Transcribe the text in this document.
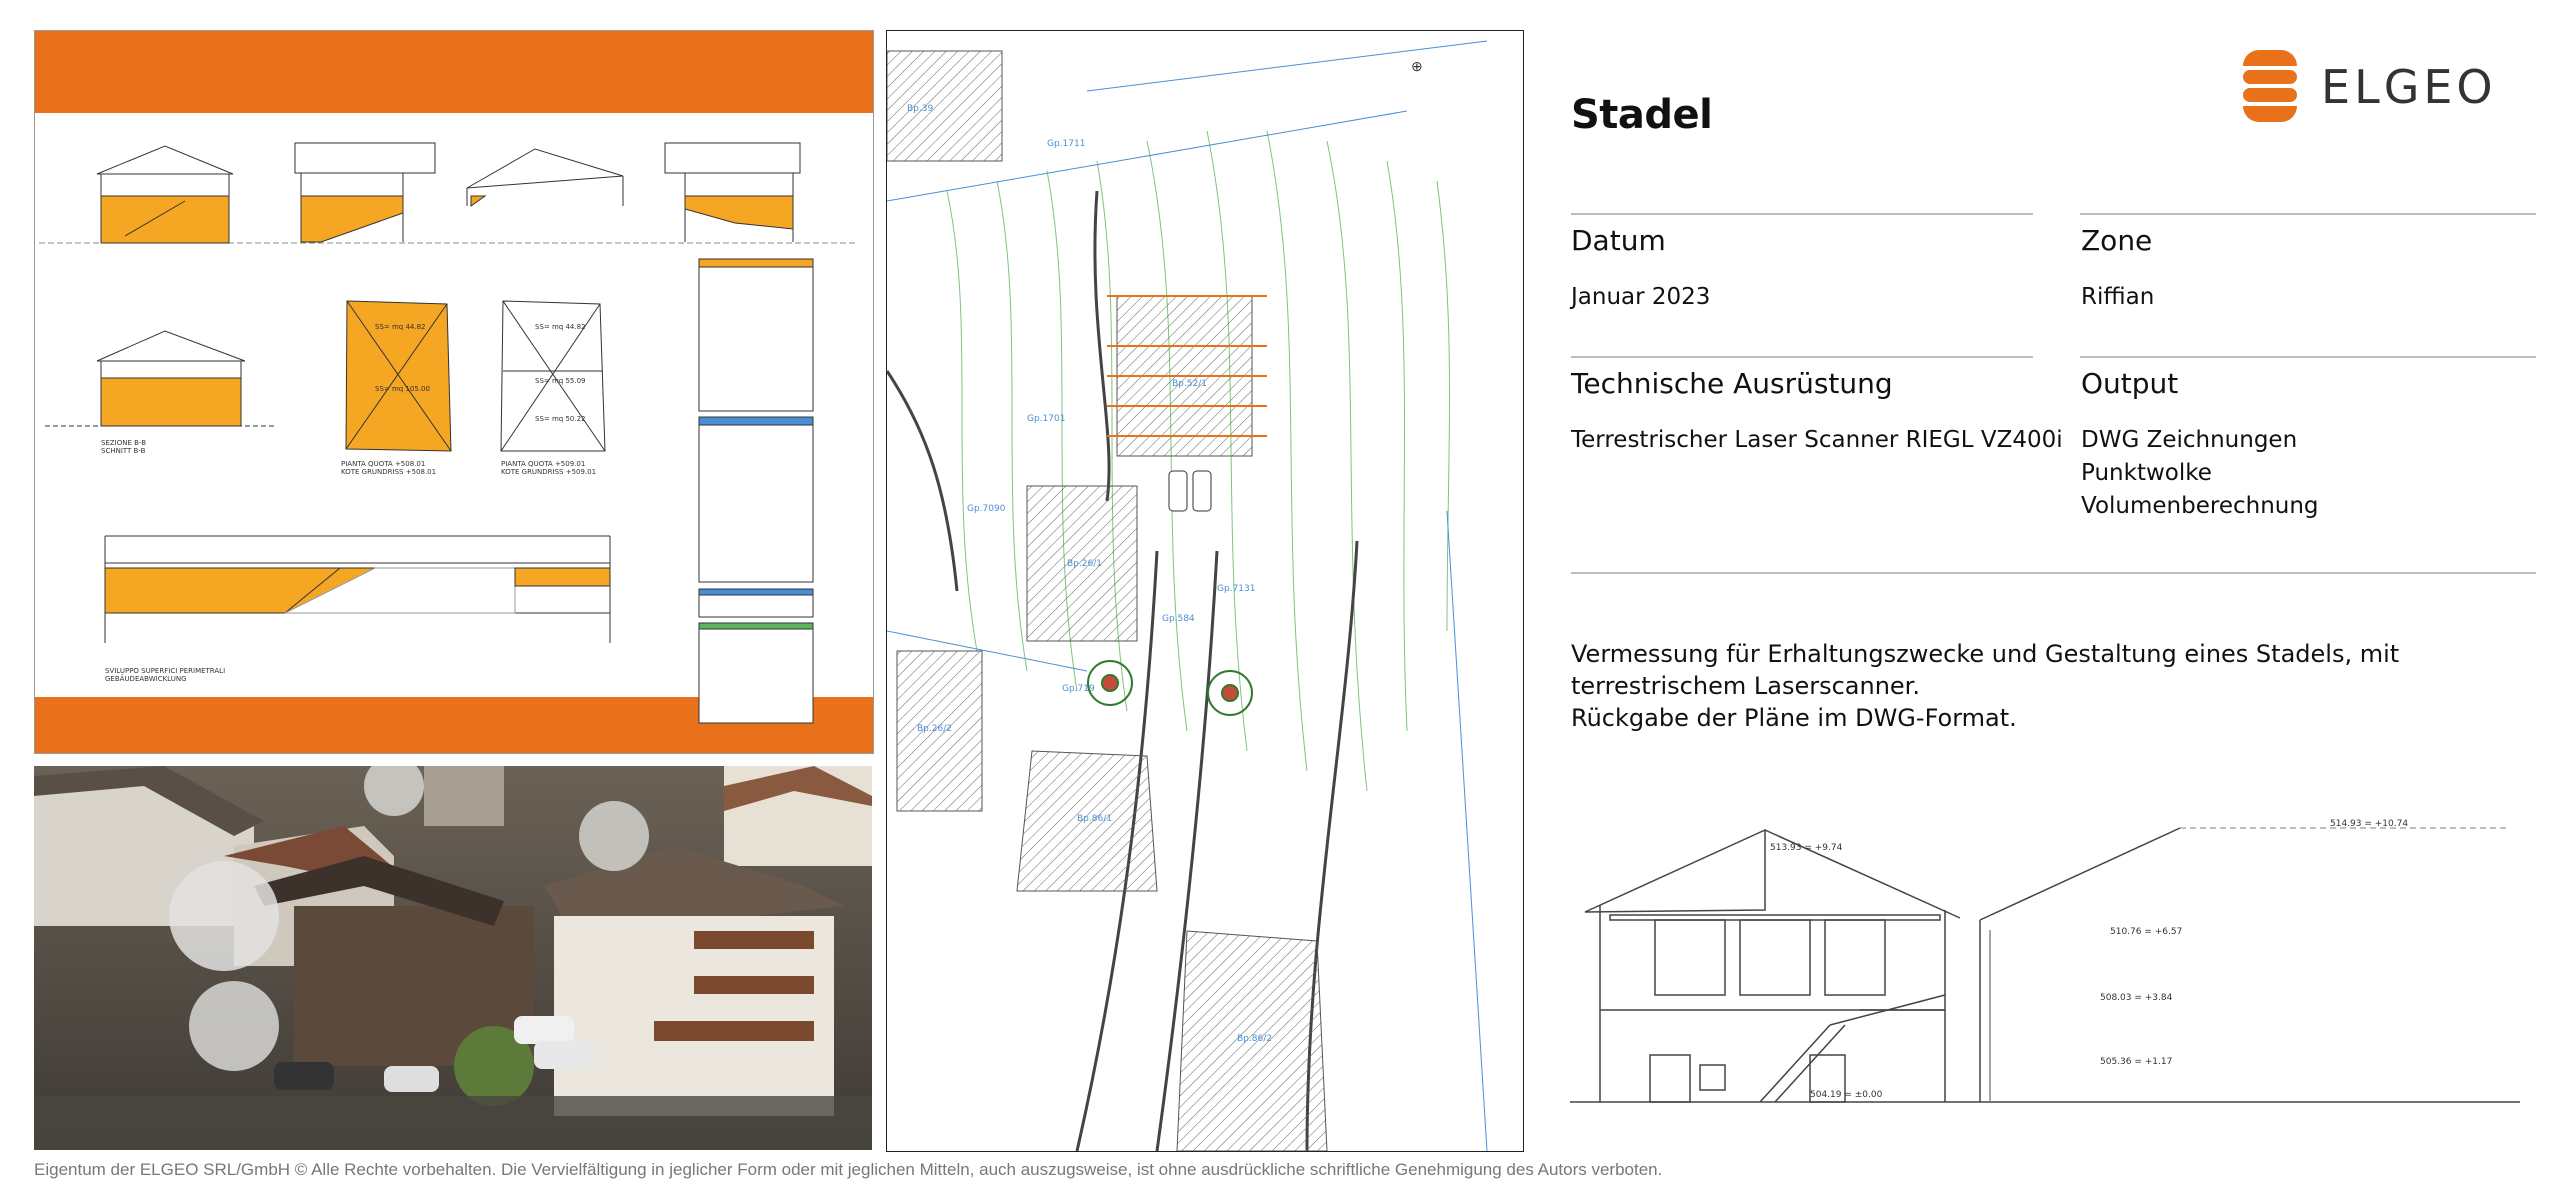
SEZIONE B-B
SCHNITT B-B
PIANTA QUOTA +508.01
KOTE GRUNDRISS +508.01
PIANTA QUOTA +509.01
KOTE GRUNDRISS +509.01
SS= mq 44.82
SS= mq 105.00
SS= mq 44.82
SS= mq 55.09
SS= mq 50.22
SVILUPPO SUPERFICI PERIMETRALI
GEBÄUDEABWICKLUNG
Gp.1711
Gp.1701
Gp.7090
Bp.26/1
Gp.7131
Gp.719
Bp.26/2
Gp.584
Bp.86/1
Bp.86/2
Bp.52/1
Bp.39
⊕	ELGEO
Stadel
Datum
Januar 2023
Zone
Riffian
Technische Ausrüstung
Terrestrischer Laser Scanner RIEGL VZ400i
Output
DWG Zeichnungen
Punktwolke
Volumenberechnung
Vermessung für Erhaltungszwecke und Gestaltung eines Stadels, mit
terrestrischem Laserscanner.
Rückgabe der Pläne im DWG-Format.
513.93 = +9.74
514.93 = +10.74
510.76 = +6.57
508.03 = +3.84
505.36 = +1.17
504.19 = ±0.00
Eigentum der ELGEO SRL/GmbH © Alle Rechte vorbehalten. Die Vervielfältigung in jeglicher Form oder mit jeglichen Mitteln, auch auszugsweise, ist ohne ausdrückliche schriftliche Genehmigung des Autors verboten.
